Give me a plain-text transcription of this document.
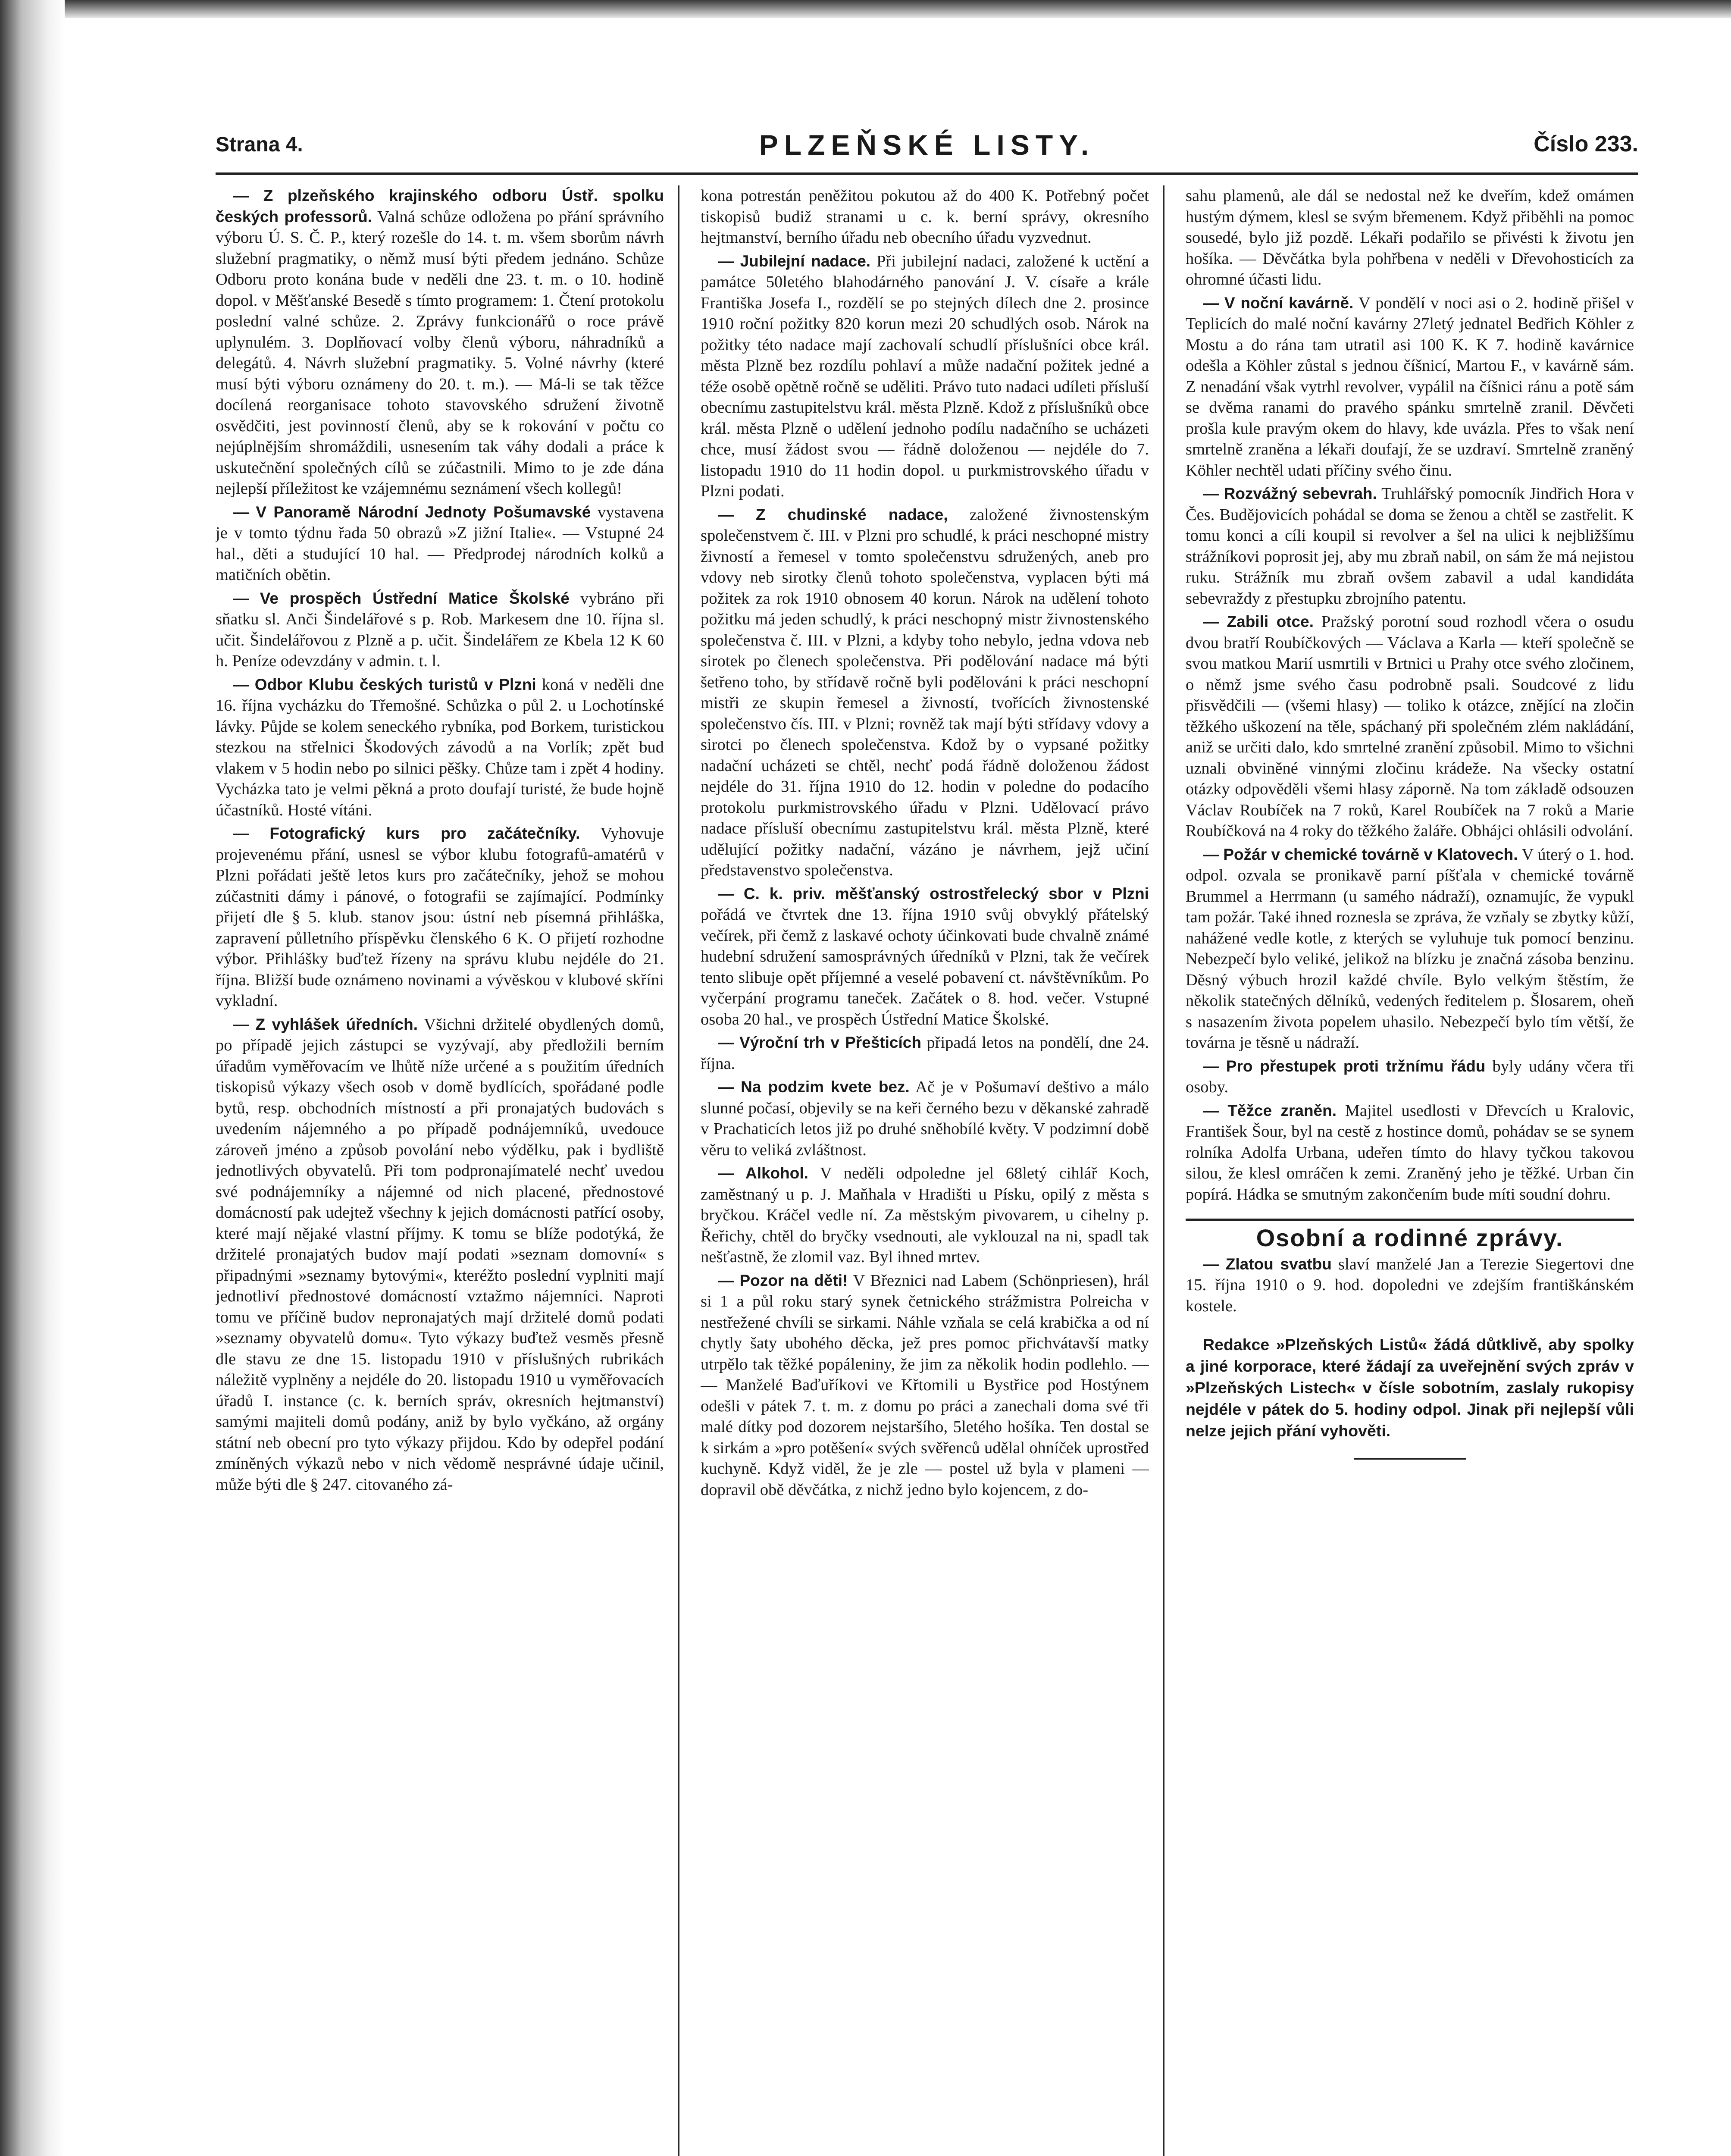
Strana 4.	PLZEŇSKÉ LISTY.	Číslo 233.

— Z plzeňského krajinského odboru Ústř. spolku českých professorů. Valná schůze odložena po přání správního výboru Ú. S. Č. P., který rozešle do 14. t. m. všem sborům návrh služební pragmatiky, o němž musí býti předem jednáno. Schůze Odboru proto konána bude v neděli dne 23. t. m. o 10. hodině dopol. v Měšťanské Besedě s tímto programem: 1. Čtení protokolu poslední valné schůze. 2. Zprávy funkcionářů o roce právě uplynulém. 3. Doplňovací volby členů výboru, náhradníků a delegátů. 4. Návrh služební pragmatiky. 5. Volné návrhy (které musí býti výboru oznámeny do 20. t. m.). — Má-li se tak těžce docílená reorganisace tohoto stavovského sdružení životně osvědčiti, jest povinností členů, aby se k rokování v počtu co nejúplnějším shromáždili, usnesením tak váhy dodali a práce k uskutečnění společných cílů se zúčastnili. Mimo to je zde dána nejlepší příležitost ke vzájemnému seznámení všech kollegů!

— V Panoramě Národní Jednoty Pošumavské vystavena je v tomto týdnu řada 50 obrazů »Z jižní Italie«. — Vstupné 24 hal., děti a studující 10 hal. — Předprodej národních kolků a matičních obětin.

— Ve prospěch Ústřední Matice Školské vybráno při sňatku sl. Anči Šindelářové s p. Rob. Markesem dne 10. října sl. učit. Šindelářovou z Plzně a p. učit. Šindelářem ze Kbela 12 K 60 h. Peníze odevzdány v admin. t. l.

— Odbor Klubu českých turistů v Plzni koná v neděli dne 16. října vycházku do Třemošné. Schůzka o půl 2. u Lochotínské lávky. Půjde se kolem seneckého rybníka, pod Borkem, turistickou stezkou na střelnici Škodových závodů a na Vorlík; zpět bud vlakem v 5 hodin nebo po silnici pěšky. Chůze tam i zpět 4 hodiny. Vycházka tato je velmi pěkná a proto doufají turisté, že bude hojně účastníků. Hosté vítáni.

— Fotografický kurs pro začátečníky. Vyhovuje projevenému přání, usnesl se výbor klubu fotografů-amatérů v Plzni pořádati ještě letos kurs pro začátečníky, jehož se mohou zúčastniti dámy i pánové, o fotografii se zajímající. Podmínky přijetí dle § 5. klub. stanov jsou: ústní neb písemná přihláška, zapravení půlletního příspěvku členského 6 K. O přijetí rozhodne výbor. Přihlášky buďtež řízeny na správu klubu nejdéle do 21. října. Bližší bude oznámeno novinami a vývěskou v klubové skříni vykladní.

— Z vyhlášek úředních. Všichni držitelé obydlených domů, po případě jejich zástupci se vyzývají, aby předložili berním úřadům vyměřovacím ve lhůtě níže určené a s použitím úředních tiskopisů výkazy všech osob v domě bydlících, spořádané podle bytů, resp. obchodních místností a při pronajatých budovách s uvedením nájemného a po případě podnájemníků, uvedouce zároveň jméno a způsob povolání nebo výdělku, pak i bydliště jednotlivých obyvatelů. Při tom podpronajímatelé nechť uvedou své podnájemníky a nájemné od nich placené, přednostové domácností pak udejtež všechny k jejich domácnosti patřící osoby, které mají nějaké vlastní příjmy. K tomu se blíže podotýká, že držitelé pronajatých budov mají podati »seznam domovní« s připadnými »seznamy bytovými«, kteréžto poslední vyplniti mají jednotliví přednostové domácností vztažmo nájemníci. Naproti tomu ve příčině budov nepronajatých mají držitelé domů podati »seznamy obyvatelů domu«. Tyto výkazy buďtež vesměs přesně dle stavu ze dne 15. listopadu 1910 v příslušných rubrikách náležitě vyplněny a nejdéle do 20. listopadu 1910 u vyměřovacích úřadů I. instance (c. k. berních správ, okresních hejtmanství) samými majiteli domů podány, aniž by bylo vyčkáno, až orgány státní neb obecní pro tyto výkazy přijdou. Kdo by odepřel podání zmíněných výkazů nebo v nich vědomě nesprávné údaje učinil, může býti dle § 247. citovaného zá-

kona potrestán peněžitou pokutou až do 400 K. Potřebný počet tiskopisů budiž stranami u c. k. berní správy, okresního hejtmanství, berního úřadu neb obecního úřadu vyzvednut.

— Jubilejní nadace. Při jubilejní nadaci, založené k uctění a památce 50letého blahodárného panování J. V. císaře a krále Františka Josefa I., rozdělí se po stejných dílech dne 2. prosince 1910 roční požitky 820 korun mezi 20 schudlých osob. Nárok na požitky této nadace mají zachovalí schudlí příslušníci obce král. města Plzně bez rozdílu pohlaví a může nadační požitek jedné a téže osobě opětně ročně se uděliti. Právo tuto nadaci udíleti přísluší obecnímu zastupitelstvu král. města Plzně. Kdož z příslušníků obce král. města Plzně o udělení jednoho podílu nadačního se ucházeti chce, musí žádost svou — řádně doloženou — nejdéle do 7. listopadu 1910 do 11 hodin dopol. u purkmistrovského úřadu v Plzni podati.

— Z chudinské nadace, založené živnostenským společenstvem č. III. v Plzni pro schudlé, k práci neschopné mistry živností a řemesel v tomto společenstvu sdružených, aneb pro vdovy neb sirotky členů tohoto společenstva, vyplacen býti má požitek za rok 1910 obnosem 40 korun. Nárok na udělení tohoto požitku má jeden schudlý, k práci neschopný mistr živnostenského společenstva č. III. v Plzni, a kdyby toho nebylo, jedna vdova neb sirotek po členech společenstva. Při podělování nadace má býti šetřeno toho, by střídavě ročně byli podělováni k práci neschopní mistři ze skupin řemesel a živností, tvořících živnostenské společenstvo čís. III. v Plzni; rovněž tak mají býti střídavy vdovy a sirotci po členech společenstva. Kdož by o vypsané požitky nadační ucházeti se chtěl, nechť podá řádně doloženou žádost nejdéle do 31. října 1910 do 12. hodin v poledne do podacího protokolu purkmistrovského úřadu v Plzni. Udělovací právo nadace přísluší obecnímu zastupitelstvu král. města Plzně, které udělující požitky nadační, vázáno je návrhem, jejž učiní představenstvo společenstva.

— C. k. priv. měšťanský ostrostřelecký sbor v Plzni pořádá ve čtvrtek dne 13. října 1910 svůj obvyklý přátelský večírek, při čemž z laskavé ochoty účinkovati bude chvalně známé hudební sdružení samosprávných úředníků v Plzni, tak že večírek tento slibuje opět příjemné a veselé pobavení ct. návštěvníkům. Po vyčerpání programu taneček. Začátek o 8. hod. večer. Vstupné osoba 20 hal., ve prospěch Ústřední Matice Školské.

— Výroční trh v Přešticích připadá letos na pondělí, dne 24. října.

— Na podzim kvete bez. Ač je v Pošumaví deštivo a málo slunné počasí, objevily se na keři černého bezu v děkanské zahradě v Prachaticích letos již po druhé sněhobílé květy. V podzimní době věru to veliká zvláštnost.

— Alkohol. V neděli odpoledne jel 68letý cihlář Koch, zaměstnaný u p. J. Maňhala v Hradišti u Písku, opilý z města s bryčkou. Kráčel vedle ní. Za městským pivovarem, u cihelny p. Řeřichy, chtěl do bryčky vsednouti, ale vyklouzal na ni, spadl tak nešťastně, že zlomil vaz. Byl ihned mrtev.

— Pozor na děti! V Březnici nad Labem (Schönpriesen), hrál si 1 a půl roku starý synek četnického strážmistra Polreicha v nestřežené chvíli se sirkami. Náhle vzňala se celá krabička a od ní chytly šaty ubohého děcka, jež pres pomoc přichvátavší matky utrpělo tak těžké popáleniny, že jim za několik hodin podlehlo. — — Manželé Baďuříkovi ve Křtomili u Bystřice pod Hostýnem odešli v pátek 7. t. m. z domu po práci a zanechali doma své tři malé dítky pod dozorem nejstaršího, 5letého hošíka. Ten dostal se k sirkám a »pro potěšení« svých svěřenců udělal ohníček uprostřed kuchyně. Když viděl, že je zle — postel už byla v plameni — dopravil obě děvčátka, z nichž jedno bylo kojencem, z do-

sahu plamenů, ale dál se nedostal než ke dveřím, kdež omámen hustým dýmem, klesl se svým břemenem. Když přiběhli na pomoc sousedé, bylo již pozdě. Lékaři podařilo se přivésti k životu jen hošíka. — Děvčátka byla pohřbena v neděli v Dřevohosticích za ohromné účasti lidu.

— V noční kavárně. V pondělí v noci asi o 2. hodině přišel v Teplicích do malé noční kavárny 27letý jednatel Bedřich Köhler z Mostu a do rána tam utratil asi 100 K. K 7. hodině kavárnice odešla a Köhler zůstal s jednou číšnicí, Martou F., v kavárně sám. Z nenadání však vytrhl revolver, vypálil na číšnici ránu a potě sám se dvěma ranami do pravého spánku smrtelně zranil. Děvčeti prošla kule pravým okem do hlavy, kde uvázla. Přes to však není smrtelně zraněna a lékaři doufají, že se uzdraví. Smrtelně zraněný Köhler nechtěl udati příčiny svého činu.

— Rozvážný sebevrah. Truhlářský pomocník Jindřich Hora v Čes. Budějovicích pohádal se doma se ženou a chtěl se zastřelit. K tomu konci a cíli koupil si revolver a šel na ulici k nejbližšímu strážníkovi poprosit jej, aby mu zbraň nabil, on sám že má nejistou ruku. Strážník mu zbraň ovšem zabavil a udal kandidáta sebevraždy z přestupku zbrojního patentu.

— Zabili otce. Pražský porotní soud rozhodl včera o osudu dvou bratří Roubíčkových — Václava a Karla — kteří společně se svou matkou Marií usmrtili v Brtnici u Prahy otce svého zločinem, o němž jsme svého času podrobně psali. Soudcové z lidu přisvědčili — (všemi hlasy) — toliko k otázce, znějící na zločin těžkého uškození na těle, spáchaný při společném zlém nakládání, aniž se určiti dalo, kdo smrtelné zranění způsobil. Mimo to všichni uznali obviněné vinnými zločinu krádeže. Na všecky ostatní otázky odpověděli všemi hlasy záporně. Na tom základě odsouzen Václav Roubíček na 7 roků, Karel Roubíček na 7 roků a Marie Roubíčková na 4 roky do těžkého žaláře. Obhájci ohlásili odvolání.

— Požár v chemické továrně v Klatovech. V úterý o 1. hod. odpol. ozvala se pronikavě parní píšťala v chemické továrně Brummel a Herrmann (u samého nádraží), oznamujíc, že vypukl tam požár. Také ihned roznesla se zpráva, že vzňaly se zbytky kůží, nahážené vedle kotle, z kterých se vyluhuje tuk pomocí benzinu. Nebezpečí bylo veliké, jelikož na blízku je značná zásoba benzinu. Děsný výbuch hrozil každé chvíle. Bylo velkým štěstím, že několik statečných dělníků, vedených ředitelem p. Šlosarem, oheň s nasazením života popelem uhasilo. Nebezpečí bylo tím větší, že továrna je těsně u nádraží.

— Pro přestupek proti tržnímu řádu byly udány včera tři osoby.

— Těžce zraněn. Majitel usedlosti v Dřevcích u Kralovic, František Šour, byl na cestě z hostince domů, pohádav se se synem rolníka Adolfa Urbana, udeřen tímto do hlavy tyčkou takovou silou, že klesl omráčen k zemi. Zraněný jeho je těžké. Urban čin popírá. Hádka se smutným zakončením bude míti soudní dohru.

Osobní a rodinné zprávy.

— Zlatou svatbu slaví manželé Jan a Terezie Siegertovi dne 15. října 1910 o 9. hod. dopoledni ve zdejším františkánském kostele.

Redakce »Plzeňských Listů« žádá důtklivě, aby spolky a jiné korporace, které žádají za uveřejnění svých zpráv v »Plzeňských Listech« v čísle sobotním, zaslaly rukopisy nejdéle v pátek do 5. hodiny odpol. Jinak při nejlepší vůli nelze jejich přání vyhověti.
